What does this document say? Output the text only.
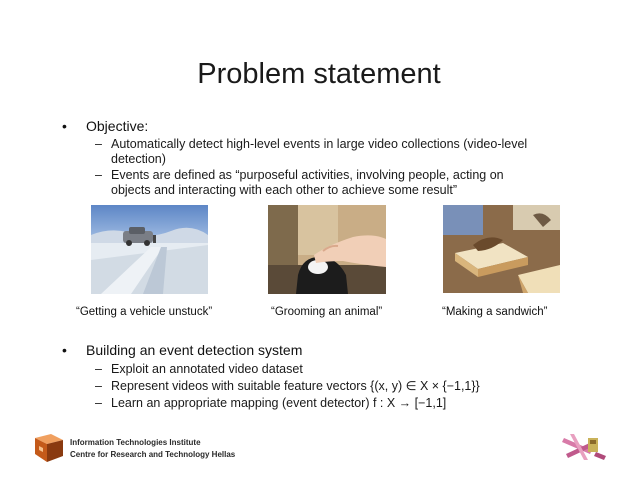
Problem statement
• Objective:
– Automatically detect high-level events in large video collections (video-level
detection)
– Events are defined as “purposeful activities, involving people, acting on
objects and interacting with each other to achieve some result”
“Getting a vehicle unstuck”	“Grooming an animal”	“Making a sandwich”
• Building an event detection system
– Exploit an annotated video dataset
– Represent videos with suitable feature vectors {(x, y) ∈ X × {−1,1}}
– Learn an appropriate mapping (event detector) f : X → [−1,1]
Information Technologies Institute
Centre for Research and Technology Hellas
